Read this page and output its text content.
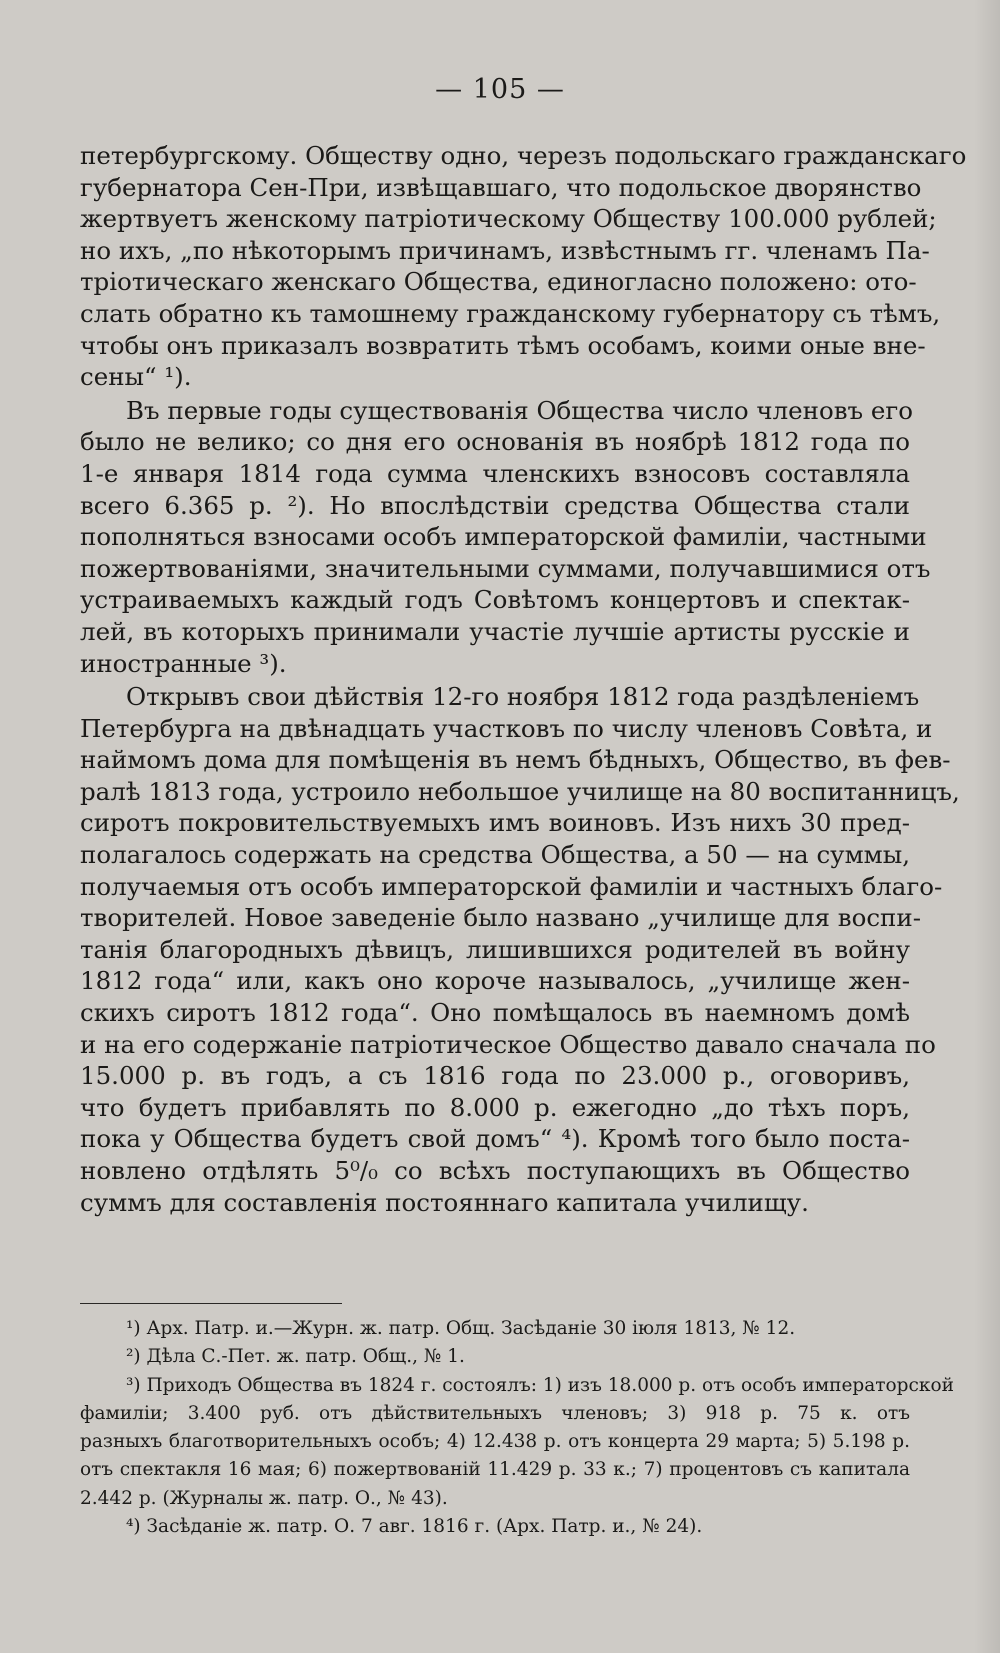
— 105 —
петербургскому. Обществу одно, черезъ подольскаго гражданскаго
губернатора Сен-При, извѣщавшаго, что подольское дворянство
жертвуетъ женскому патріотическому Обществу 100.000 рублей;
но ихъ, „по нѣкоторымъ причинамъ, извѣстнымъ гг. членамъ Па-
тріотическаго женскаго Общества, единогласно положено: ото-
слать обратно къ тамошнему гражданскому губернатору съ тѣмъ,
чтобы онъ приказалъ возвратить тѣмъ особамъ, коими оные вне-
сены“ ¹).
Въ первые годы существованія Общества число членовъ его
было не велико; со дня его основанія въ ноябрѣ 1812 года по
1-е января 1814 года сумма членскихъ взносовъ составляла
всего 6.365 р. ²). Но впослѣдствіи средства Общества стали
пополняться взносами особъ императорской фамиліи, частными
пожертвованіями, значительными суммами, получавшимися отъ
устраиваемыхъ каждый годъ Совѣтомъ концертовъ и спектак-
лей, въ которыхъ принимали участіе лучшіе артисты русскіе и
иностранные ³).
Открывъ свои дѣйствія 12-го ноября 1812 года раздѣленіемъ
Петербурга на двѣнадцать участковъ по числу членовъ Совѣта, и
наймомъ дома для помѣщенія въ немъ бѣдныхъ, Общество, въ фев-
ралѣ 1813 года, устроило небольшое училище на 80 воспитанницъ,
сиротъ покровительствуемыхъ имъ воиновъ. Изъ нихъ 30 пред-
полагалось содержать на средства Общества, а 50 — на суммы,
получаемыя отъ особъ императорской фамиліи и частныхъ благо-
творителей. Новое заведеніе было названо „училище для воспи-
танія благородныхъ дѣвицъ, лишившихся родителей въ войну
1812 года“ или, какъ оно короче называлось, „училище жен-
скихъ сиротъ 1812 года“. Оно помѣщалось въ наемномъ домѣ
и на его содержаніе патріотическое Общество давало сначала по
15.000 р. въ годъ, а съ 1816 года по 23.000 р., оговоривъ,
что будетъ прибавлять по 8.000 р. ежегодно „до тѣхъ поръ,
пока у Общества будетъ свой домъ“ ⁴). Кромѣ того было поста-
новлено отдѣлять 5⁰/₀ со всѣхъ поступающихъ въ Общество
суммъ для составленія постояннаго капитала училищу.
¹) Арх. Патр. и.—Журн. ж. патр. Общ. Засѣданіе 30 іюля 1813, № 12.
²) Дѣла С.-Пет. ж. патр. Общ., № 1.
³) Приходъ Общества въ 1824 г. состоялъ: 1) изъ 18.000 р. отъ особъ императорской
фамиліи; 3.400 руб. отъ дѣйствительныхъ членовъ; 3) 918 р. 75 к. отъ
разныхъ благотворительныхъ особъ; 4) 12.438 р. отъ концерта 29 марта; 5) 5.198 р.
отъ спектакля 16 мая; 6) пожертвованій 11.429 р. 33 к.; 7) процентовъ съ капитала
2.442 р. (Журналы ж. патр. О., № 43).
⁴) Засѣданіе ж. патр. О. 7 авг. 1816 г. (Арх. Патр. и., № 24).
